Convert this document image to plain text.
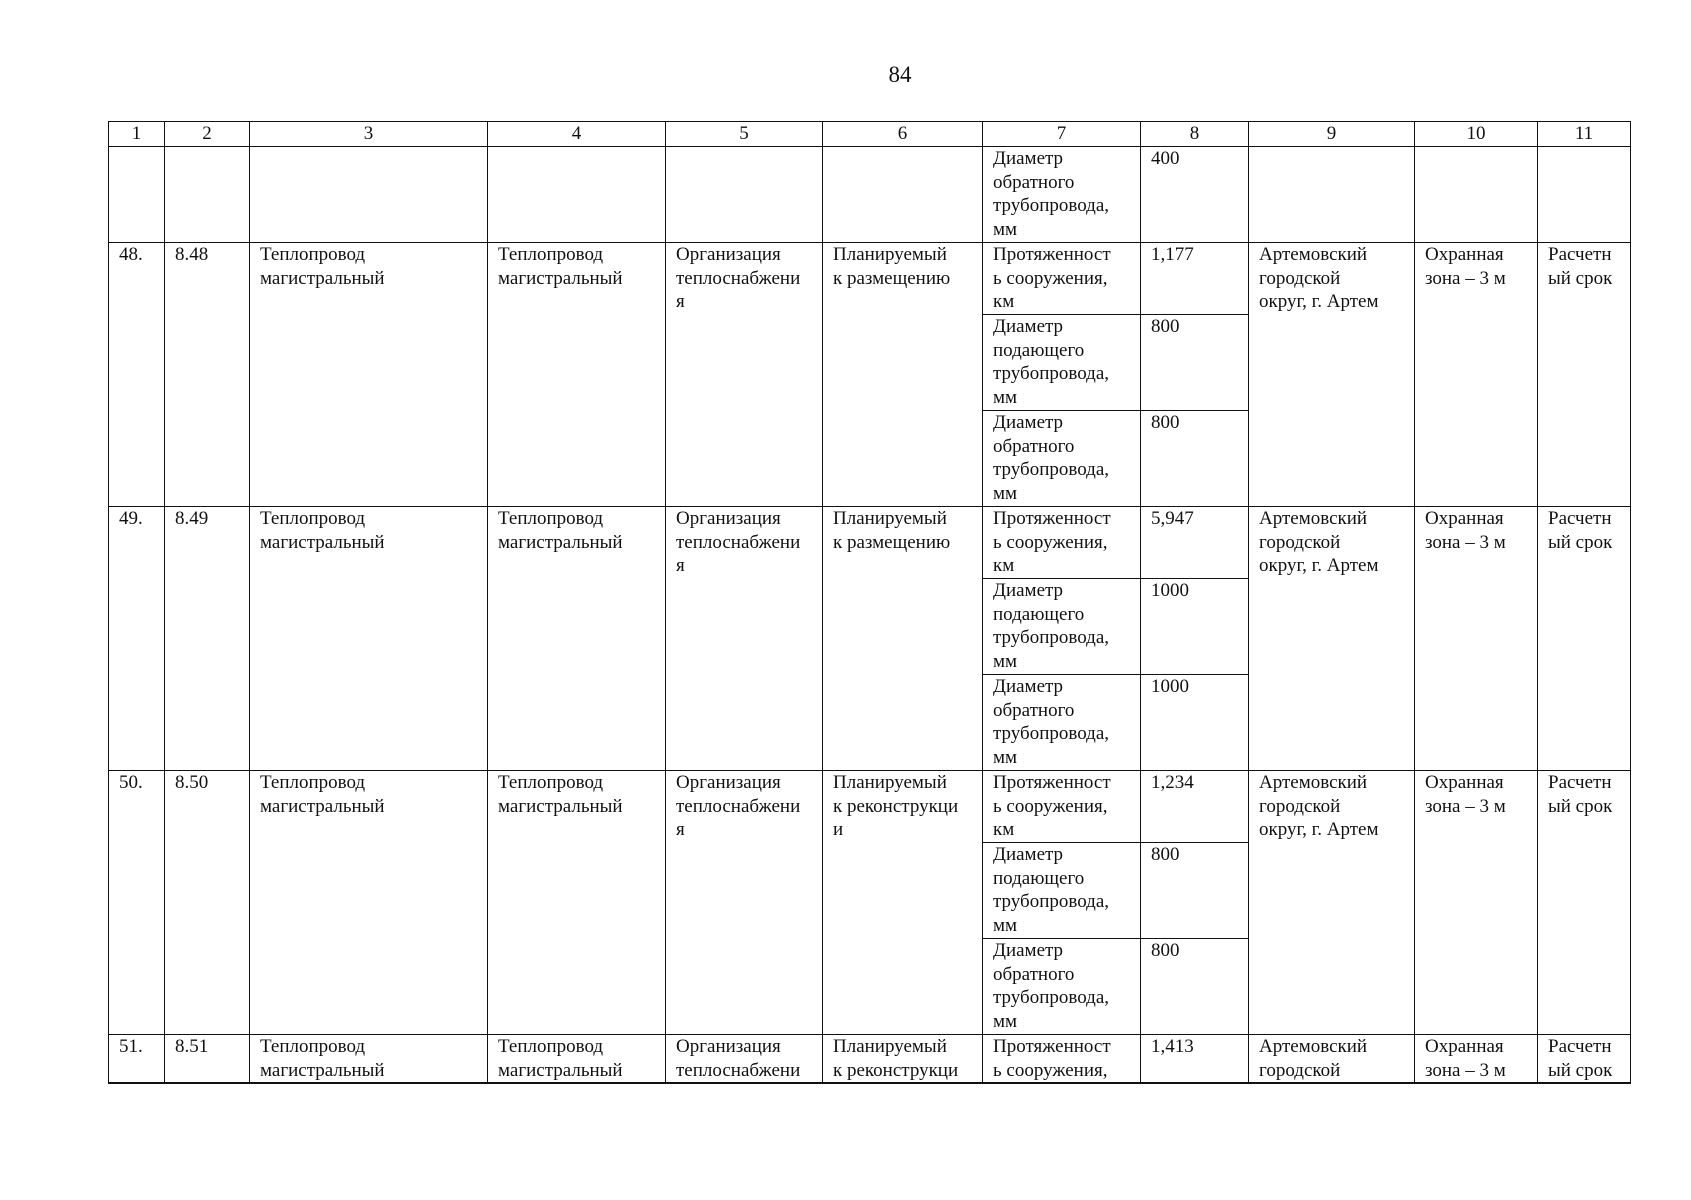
84
1	2	3	4	5	6	7	8	9	10	11

						Диаметр
обратного
трубопровода,
мм	400			

48.	8.48	Теплопровод
магистральный	Теплопровод
магистральный	Организация
теплоснабжени
я	Планируемый
к размещению	Протяженност
ь сооружения,
км	1,177	Артемовский
городской
округ, г. Артем	Охранная
зона – 3 м	Расчетн
ый срок

						Диаметр
подающего
трубопровода,
мм	800			

						Диаметр
обратного
трубопровода,
мм	800			

49.	8.49	Теплопровод
магистральный	Теплопровод
магистральный	Организация
теплоснабжени
я	Планируемый
к размещению	Протяженност
ь сооружения,
км	5,947	Артемовский
городской
округ, г. Артем	Охранная
зона – 3 м	Расчетн
ый срок

						Диаметр
подающего
трубопровода,
мм	1000			

						Диаметр
обратного
трубопровода,
мм	1000			

50.	8.50	Теплопровод
магистральный	Теплопровод
магистральный	Организация
теплоснабжени
я	Планируемый
к реконструкци
и	Протяженност
ь сооружения,
км	1,234	Артемовский
городской
округ, г. Артем	Охранная
зона – 3 м	Расчетн
ый срок

						Диаметр
подающего
трубопровода,
мм	800			

						Диаметр
обратного
трубопровода,
мм	800			

51.	8.51	Теплопровод
магистральный	Теплопровод
магистральный	Организация
теплоснабжени	Планируемый
к реконструкци	Протяженност
ь сооружения,	1,413	Артемовский
городской	Охранная
зона – 3 м	Расчетн
ый срок
